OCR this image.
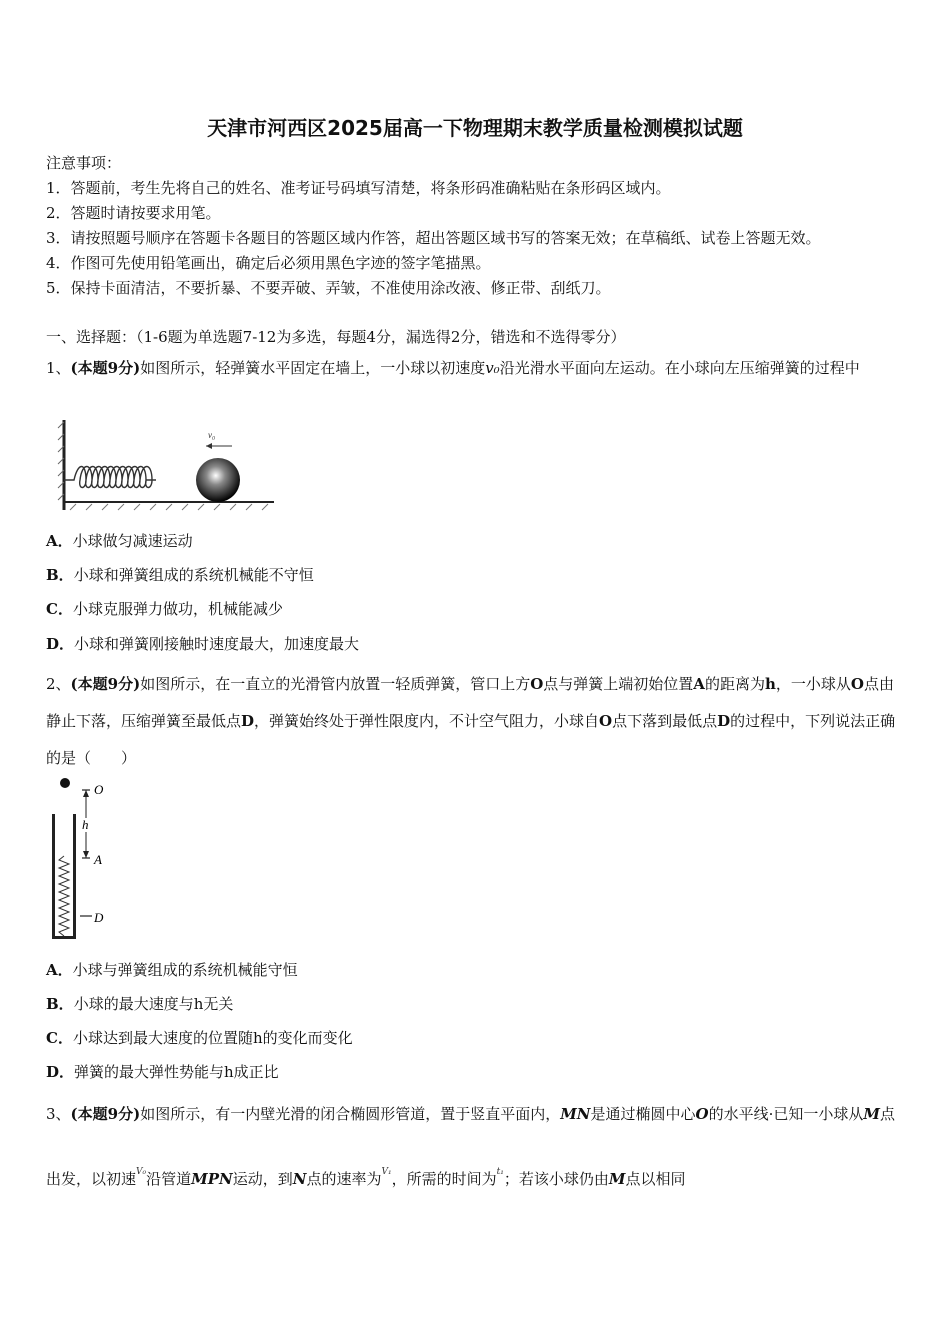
天津市河西区2025届高一下物理期末教学质量检测模拟试题
注意事项：
1．答题前，考生先将自己的姓名、准考证号码填写清楚，将条形码准确粘贴在条形码区域内。
2．答题时请按要求用笔。
3．请按照题号顺序在答题卡各题目的答题区域内作答，超出答题区域书写的答案无效；在草稿纸、试卷上答题无效。
4．作图可先使用铅笔画出，确定后必须用黑色字迹的签字笔描黑。
5．保持卡面清洁，不要折暴、不要弄破、弄皱，不准使用涂改液、修正带、刮纸刀。
一、选择题：（1-6题为单选题7-12为多选，每题4分，漏选得2分，错选和不选得零分）
1、(本题9分)如图所示，轻弹簧水平固定在墙上，一小球以初速度v₀沿光滑水平面向左运动。在小球向左压缩弹簧的过程中
v₀
A．小球做匀减速运动
B．小球和弹簧组成的系统机械能不守恒
C．小球克服弹力做功，机械能减少
D．小球和弹簧刚接触时速度最大，加速度最大
2、(本题9分)如图所示，在一直立的光滑管内放置一轻质弹簧，管口上方O点与弹簧上端初始位置A的距离为h，一小球从O点由静止下落，压缩弹簧至最低点D，弹簧始终处于弹性限度内，不计空气阻力，小球自O点下落到最低点D的过程中，下列说法正确的是（　　）
O
h
A
D
A．小球与弹簧组成的系统机械能守恒
B．小球的最大速度与h无关
C．小球达到最大速度的位置随h的变化而变化
D．弹簧的最大弹性势能与h成正比
3、(本题9分)如图所示，有一内壁光滑的闭合椭圆形管道，置于竖直平面内，MN是通过椭圆中心O的水平线·已知一小球从M点出发，以初速$^{V_0}$沿管道MPN运动，到N点的速率为$^{V_1}$，所需的时间为$^{t_1}$；若该小球仍由M点以相同
